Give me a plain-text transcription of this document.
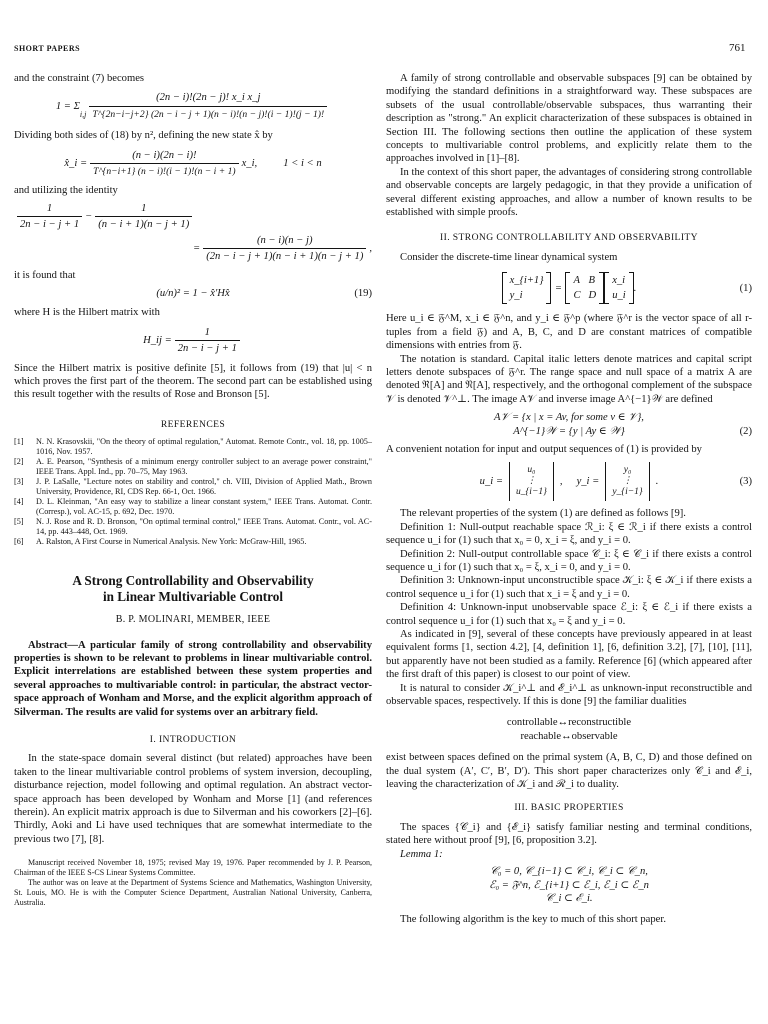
SHORT PAPERS	761

and the constraint (7) becomes

1 = Σ
i,j
(2n − i)!(2n − j)! x_i x_j
T^{2n−i−j+2} (2n − i − j + 1)(n − i)!(n − j)!(i − 1)!(j − 1)!

Dividing both sides of (18) by n², defining the new state x̂ by

x̂_i = $\frac{(n - i)(2n - i)!}{T\^{}\{n-i+1\} (n - i)!(i - 1)!(n - i + 1)}$ x_i, 1 < i < n

and utilizing the identity

$\frac{1}{2n - i - j + 1} - \frac{1}{(n - i + 1)(n - j + 1)}$
= $\frac{(n - i)(n - j)}{(2n - i - j + 1)(n - i + 1)(n - j + 1)}$ ,

it is found that

(u/n)² = 1 − x̂′Hx̂	(19)

where H is the Hilbert matrix with

H_ij = $\frac{1}{2n - i - j + 1}$

Since the Hilbert matrix is positive definite [5], it follows from (19) that |u| < n which proves the first part of the theorem. The second part can be established using this result together with the results of Rose and Bronson [5].

REFERENCES
[1]	N. N. Krasovskii, "On the theory of optimal regulation," Automat. Remote Contr., vol. 18, pp. 1005–1016, Nov. 1957.
[2]	A. E. Pearson, "Synthesis of a minimum energy controller subject to an average power constraint," IEEE Trans. Appl. Ind., pp. 70–75, May 1963.
[3]	J. P. LaSalle, "Lecture notes on stability and control," ch. VIII, Division of Applied Math., Brown University, Providence, RI, CDS Rep. 66-1, Oct. 1966.
[4]	D. L. Kleinman, "An easy way to stabilize a linear constant system," IEEE Trans. Automat. Contr. (Corresp.), vol. AC-15, p. 692, Dec. 1970.
[5]	N. J. Rose and R. D. Bronson, "On optimal terminal control," IEEE Trans. Automat. Contr., vol. AC-14, pp. 443–448, Oct. 1969.
[6]	A. Ralston, A First Course in Numerical Analysis. New York: McGraw-Hill, 1965.
A Strong Controllability and Observability
in Linear Multivariable Control
B. P. MOLINARI, MEMBER, IEEE

Abstract—A particular family of strong controllability and observability properties is shown to be relevant to problems in linear multivariable control. Explicit interrelations are established between these system properties and several approaches to multivariable control: in particular, the abstract vector-space approach of Wonham and Morse, and the explicit algorithm approach of Silverman. The results are valid for systems over an arbitrary field.

I. INTRODUCTION

In the state-space domain several distinct (but related) approaches have been taken to the linear multivariable control problems of system inversion, decoupling, disturbance rejection, model following and optimal regulation. An abstract vector-space approach has been developed by Wonham and Morse [1] (and references therein). An explicit matrix approach is due to Silverman and his coworkers [2]–[6]. Thirdly, Aoki and Li have used techniques that are somewhat intermediate to the previous two [7], [8].

Manuscript received November 18, 1975; revised May 19, 1976. Paper recommended by J. P. Pearson, Chairman of the IEEE S-CS Linear Systems Committee.

The author was on leave at the Department of Systems Science and Mathematics, Washington University, St. Louis, MO. He is with the Computer Science Department, Australian National University, Canberra, Australia.

A family of strong controllable and observable subspaces [9] can be obtained by modifying the standard definitions in a straightforward way. These subspaces are subsets of the usual controllable/observable subspaces, thus warranting their description as "strong." An explicit characterization of these subspaces is obtained in Section III. The following sections then outline the application of these system concepts to multivariable control problems, and explicitly relate them to the approaches involved in [1]–[8].

In the context of this short paper, the advantages of considering strong controllable and observable concepts are largely pedagogic, in that they provide a unification of several different existing approaches, and allow a number of known results to be established with simple proofs.

II. STRONG CONTROLLABILITY AND OBSERVABILITY

Consider the discrete-time linear dynamical system

x_{i+1}
y_i
=
A B
C D
x_i
u_i
.	(1)

Here u_i ∈ 𝔉^M, x_i ∈ 𝔉^n, and y_i ∈ 𝔉^p (where 𝔉^r is the vector space of all r-tuples from a field 𝔉) and A, B, C, and D are constant matrices of compatible dimensions with entries from 𝔉.

The notation is standard. Capital italic letters denote matrices and capital script letters denote subspaces of 𝔉^r. The range space and null space of a matrix A are denoted ℜ[A] and 𝔑[A], respectively, and the orthogonal complement of the subspace 𝒱 is denoted 𝒱^⊥. The image A𝒱 and inverse image A^{−1}𝒲 are defined

A𝒱 = {x | x = Av, for some v ∈ 𝒱},
A^{−1}𝒲 = {y | Ay ∈ 𝒲}	(2)

A convenient notation for input and output sequences of (1) is provided by

u_i =
u₀
⋮
u_{i−1}
, y_i =
y₀
⋮
y_{i−1}
.	(3)

The relevant properties of the system (1) are defined as follows [9].

Definition 1: Null-output reachable space ℛ_i: ξ ∈ ℛ_i if there exists a control sequence u_i for (1) such that x₀ = 0, x_i = ξ, and y_i = 0.

Definition 2: Null-output controllable space 𝒞_i: ξ ∈ 𝒞_i if there exists a control sequence u_i for (1) such that x₀ = ξ, x_i = 0, and y_i = 0.

Definition 3: Unknown-input unconstructible space 𝒦_i: ξ ∈ 𝒦_i if there exists a control sequence u_i for (1) such that x_i = ξ and y_i = 0.

Definition 4: Unknown-input unobservable space ℰ_i: ξ ∈ ℰ_i if there exists a control sequence u_i for (1) such that x₀ = ξ and y_i = 0.

As indicated in [9], several of these concepts have previously appeared in at least equivalent forms [1, section 4.2], [4, definition 1], [6, definition 3.2], [7], [10], [11], but apparently have not been studied as a family. Reference [6] (which appeared after the first draft of this paper) is closest to our point of view.

It is natural to consider 𝒦_i^⊥ and ℰ_i^⊥ as unknown-input reconstructible and observable spaces, respectively. If this is done [9] the familiar dualities

controllable↔reconstructible
reachable↔observable

exist between spaces defined on the primal system (A, B, C, D) and those defined on the dual system (A′, C′, B′, D′). This short paper characterizes only 𝒞_i and ℰ_i, leaving the characterization of 𝒦_i and ℛ_i to duality.

III. BASIC PROPERTIES

The spaces {𝒞_i} and {ℰ_i} satisfy familiar nesting and terminal conditions, stated here without proof [9], [6, proposition 3.2].

Lemma 1:

𝒞₀ = 0, 𝒞_{i−1} ⊂ 𝒞_i, 𝒞_i ⊂ 𝒞_n,
ℰ₀ = 𝔉^n, ℰ_{i+1} ⊂ ℰ_i, ℰ_i ⊂ ℰ_n
𝒞_i ⊂ ℰ_i.

The following algorithm is the key to much of this short paper.
